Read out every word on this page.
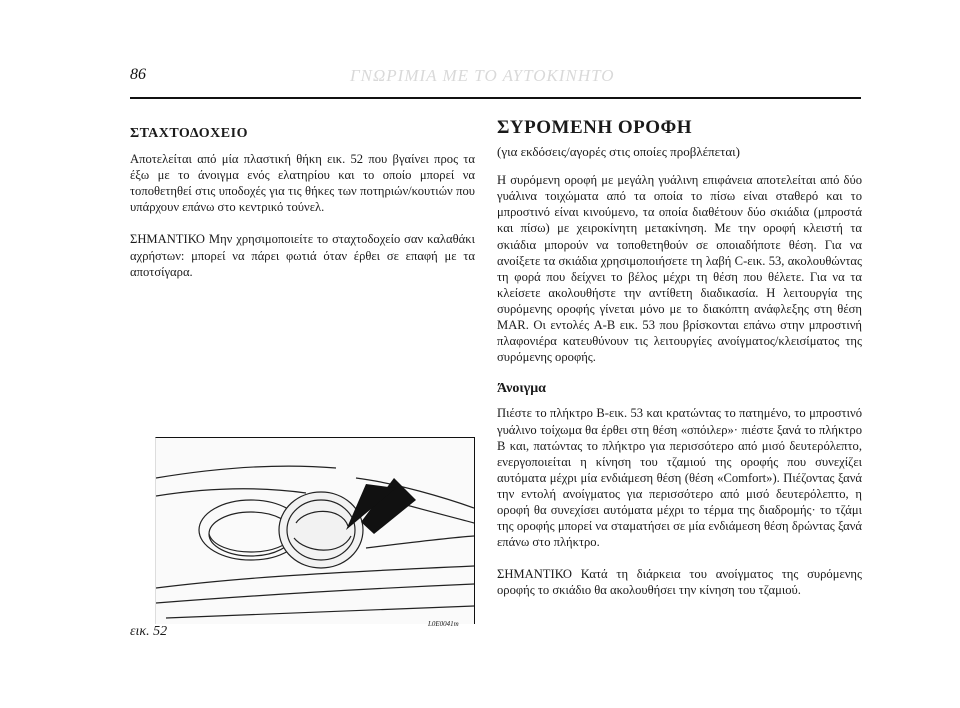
86	ΓΝΩΡΙΜΙΑ ΜΕ ΤΟ ΑΥΤΟΚΙΝΗΤΟ
ΣΤΑΧΤΟΔΟΧΕΙΟ

Αποτελείται από μία πλαστική θήκη εικ. 52 που βγαίνει προς τα έξω με το άνοιγμα ενός ελατηρίου και το οποίο μπορεί να τοποθετηθεί στις υποδοχές για τις θήκες των ποτηριών/κουτιών που υπάρχουν επάνω στο κεντρικό τούνελ.

ΣΗΜΑΝΤΙΚΟ Μην χρησιμοποιείτε το σταχτοδοχείο σαν καλαθάκι αχρήστων: μπορεί να πάρει φωτιά όταν έρθει σε επαφή με τα αποτσίγαρα.

εικ. 52	L0E0041m
ΣΥΡΟΜΕΝΗ ΟΡΟΦΗ
(για εκδόσεις/αγορές στις οποίες προβλέπεται)

Η συρόμενη οροφή με μεγάλη γυάλινη επιφάνεια αποτελείται από δύο γυάλινα τοιχώματα από τα οποία το πίσω είναι σταθερό και το μπροστινό είναι κινούμενο, τα οποία διαθέτουν δύο σκιάδια (μπροστά και πίσω) με χειροκίνητη μετακίνηση. Με την οροφή κλειστή τα σκιάδια μπορούν να τοποθετηθούν σε οποιαδήποτε θέση. Για να ανοίξετε τα σκιάδια χρησιμοποιήσετε τη λαβή C-εικ. 53, ακολουθώντας τη φορά που δείχνει το βέλος μέχρι τη θέση που θέλετε. Για να τα κλείσετε ακολουθήστε την αντίθετη διαδικασία. Η λειτουργία της συρόμενης οροφής γίνεται μόνο με το διακόπτη ανάφλεξης στη θέση MAR. Οι εντολές A-B εικ. 53 που βρίσκονται επάνω στην μπροστινή πλαφονιέρα κατευθύνουν τις λειτουργίες ανοίγματος/κλεισίματος της συρόμενης οροφής.

Άνοιγμα

Πιέστε το πλήκτρο B-εικ. 53 και κρατώντας το πατημένο, το μπροστινό γυάλινο τοίχωμα θα έρθει στη θέση «σπόιλερ»· πιέστε ξανά το πλήκτρο B και, πατώντας το πλήκτρο για περισσότερο από μισό δευτερόλεπτο, ενεργοποιείται η κίνηση του τζαμιού της οροφής που συνεχίζει αυτόματα μέχρι μία ενδιάμεση θέση (θέση «Comfort»). Πιέζοντας ξανά την εντολή ανοίγματος για περισσότερο από μισό δευτερόλεπτο, η οροφή θα συνεχίσει αυτόματα μέχρι το τέρμα της διαδρομής· το τζάμι της οροφής μπορεί να σταματήσει σε μία ενδιάμεση θέση δρώντας ξανά επάνω στο πλήκτρο.

ΣΗΜΑΝΤΙΚΟ Κατά τη διάρκεια του ανοίγματος της συρόμενης οροφής το σκιάδιο θα ακολουθήσει την κίνηση του τζαμιού.
